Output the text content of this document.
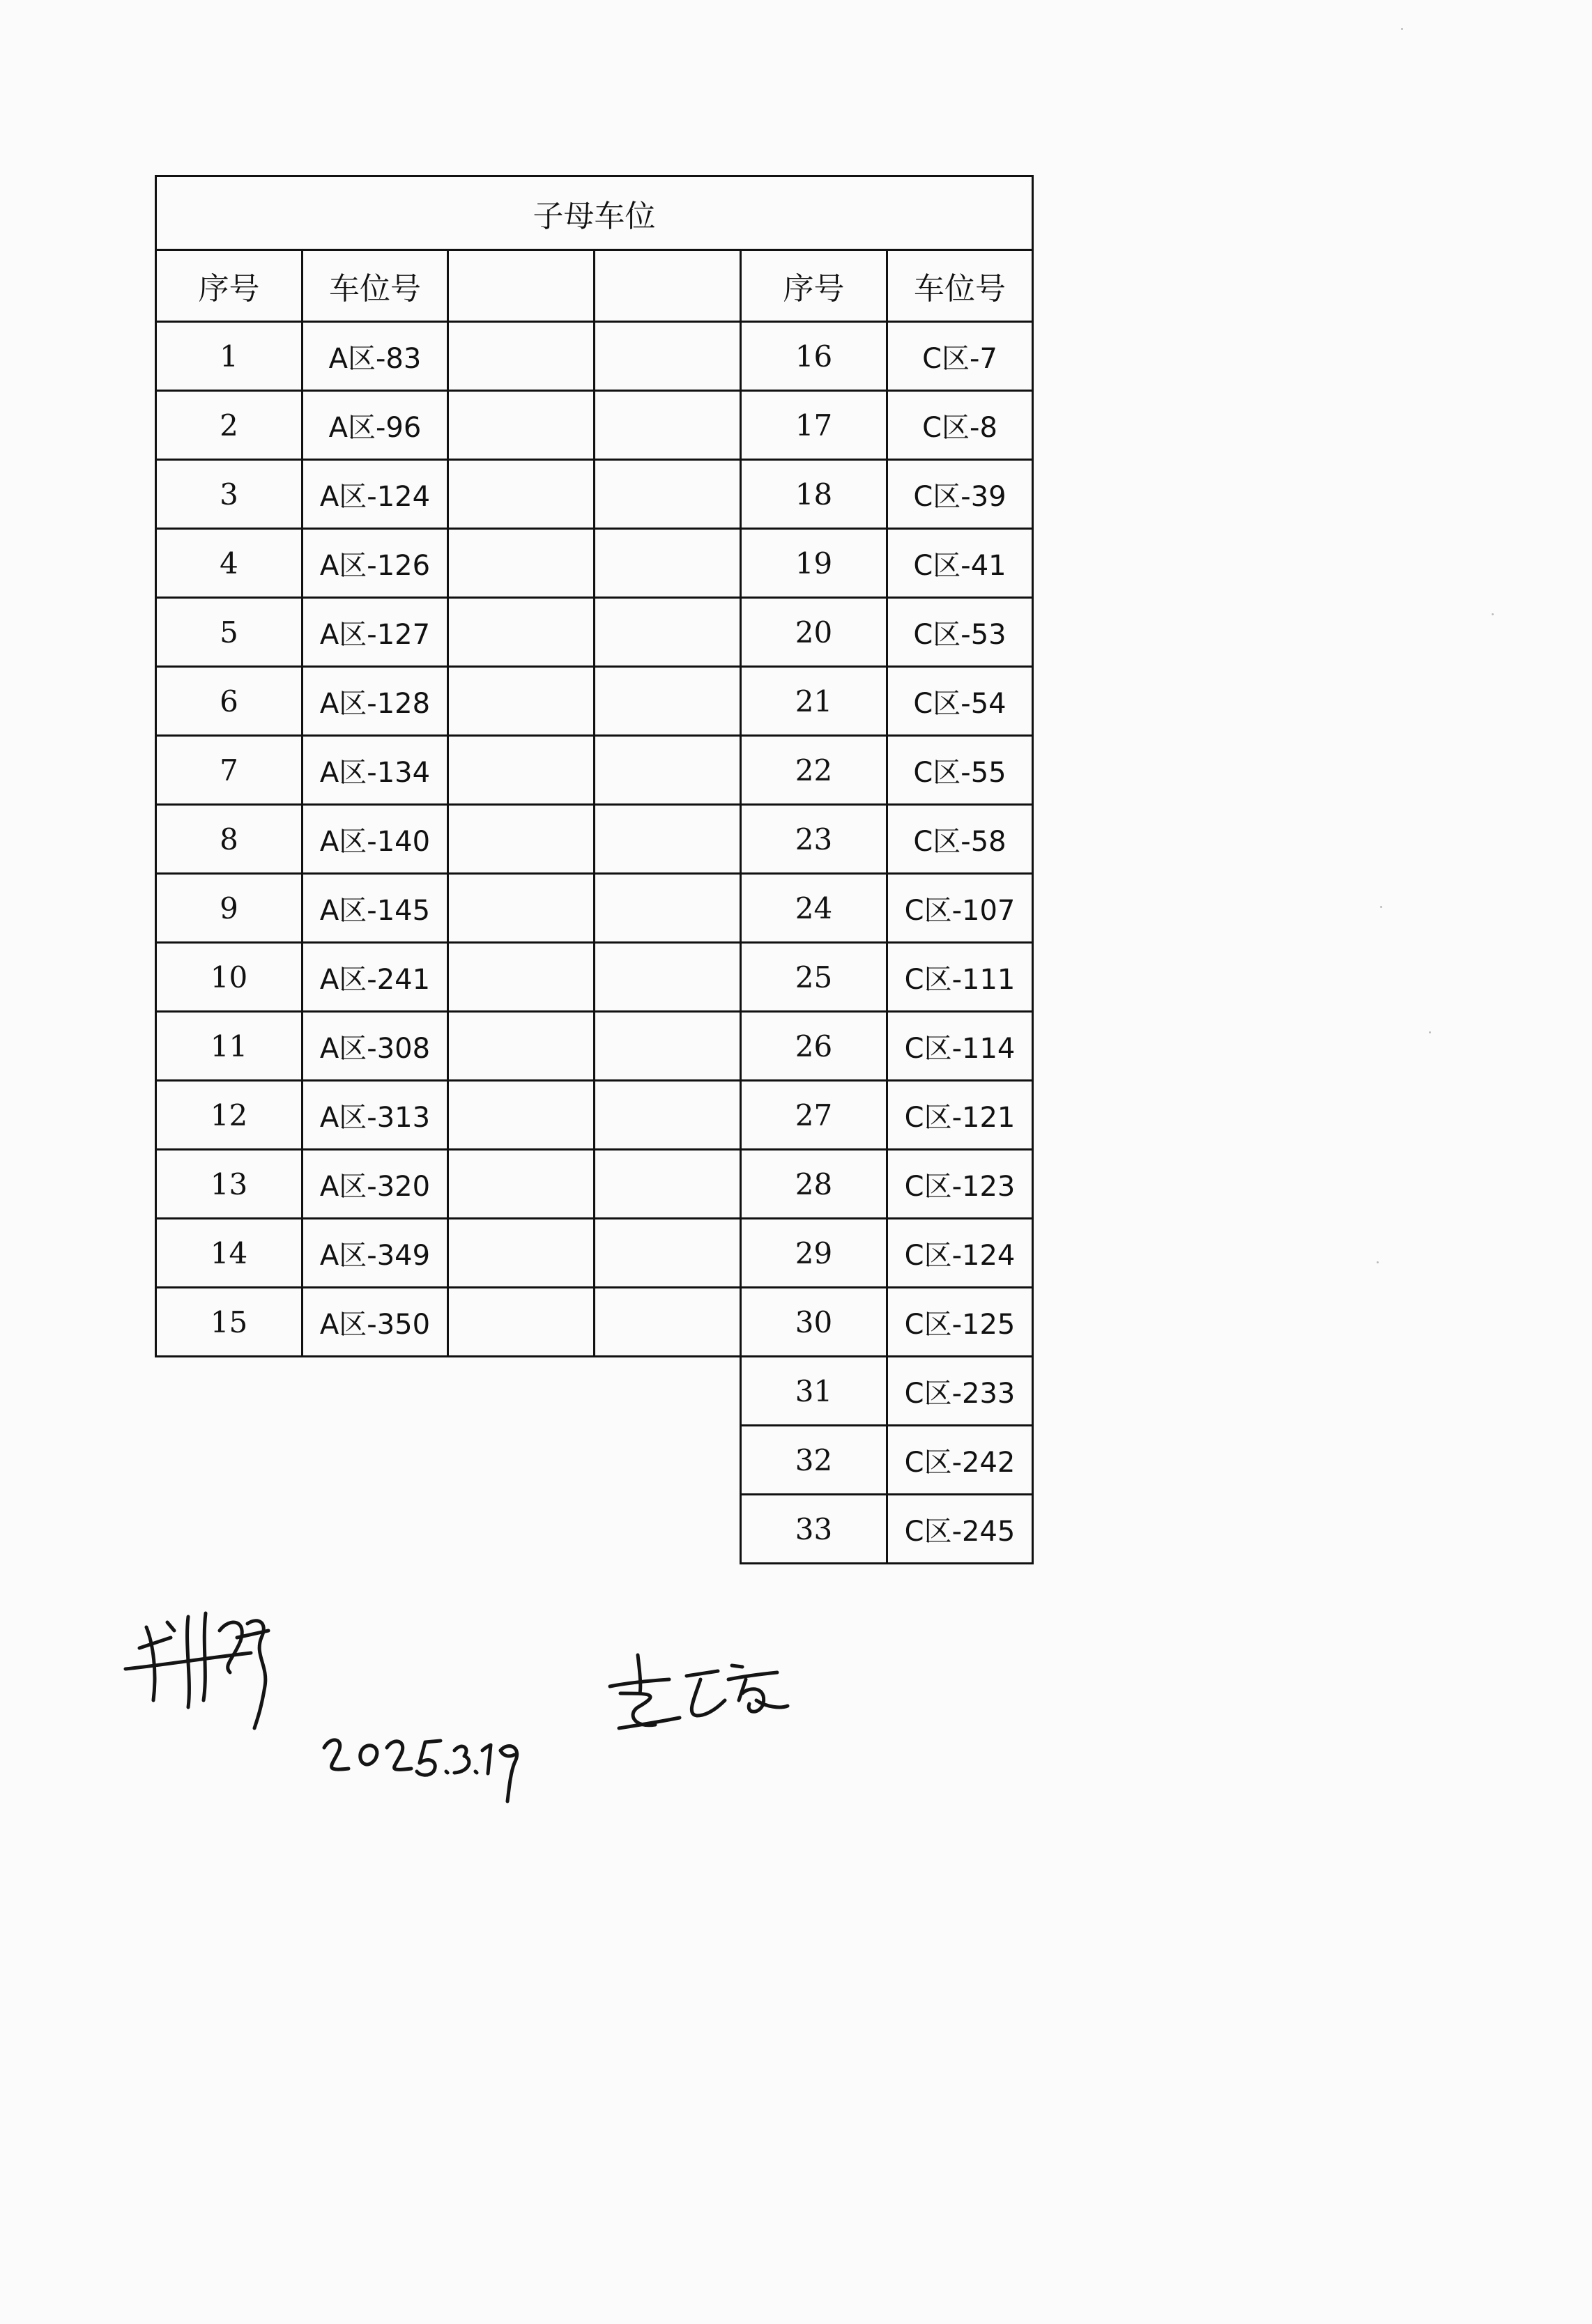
子母车位					
序号	车位号			序号	车位号
1	A区-83			16	C区-7
2	A区-96			17	C区-8
3	A区-124			18	C区-39
4	A区-126			19	C区-41
5	A区-127			20	C区-53
6	A区-128			21	C区-54
7	A区-134			22	C区-55
8	A区-140			23	C区-58
9	A区-145			24	C区-107
10	A区-241			25	C区-111
11	A区-308			26	C区-114
12	A区-313			27	C区-121
13	A区-320			28	C区-123
14	A区-349			29	C区-124
15	A区-350			30	C区-125
				31	C区-233
				32	C区-242
				33	C区-245
